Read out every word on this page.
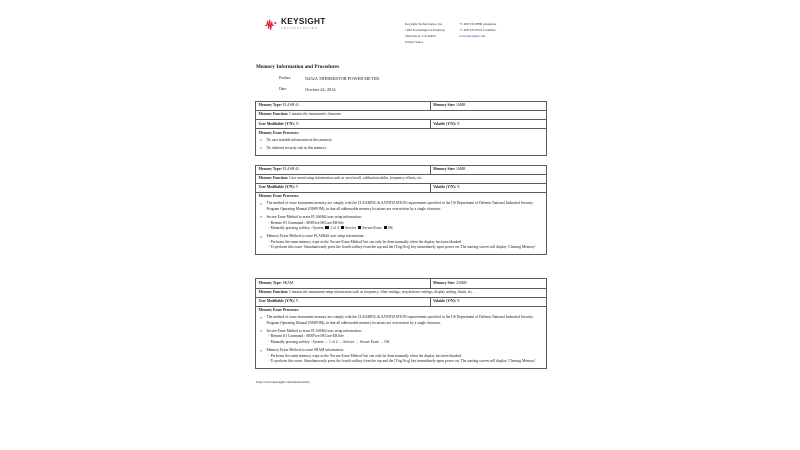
KEYSIGHT
TECHNOLOGIES
Keysight Technologies, Inc.
1400 Fountaingrove Parkway
Santa Rosa, CA 95403
United States
+1 408 345 8886 telephone
+1 408 345 8474 facsimile
www.keysight.com
Memory Information and Procedures
Product:	N432A THERMISTOR POWER METER
Date:	October 24, 2014
Memory Type: FLASH #1	Memory Size: 16MB
Memory Function: Contains the instrument's firmware	
User Modifiable (Y/N): N	Volatile (Y/N): N
Memory Erase Processes:
▪ No user settable information in this memory
▪ No inherent security risk in this memory
Memory Type: FLASH #2	Memory Size: 16MB
Memory Function: User saved setup information such as save/recall, calibration tables, frequency offsets, etc.	
User Modifiable (Y/N): Y	Volatile (Y/N): N
Memory Erase Processes:
▪ The method of erase instrument memory are comply with the CLEARING & SANITIZATION requirements specified in the US Department of Defense National Industrial Security Program Operating Manual (NISPOM), in that all addressable memory locations are overwritten by a single character.
▪ Secure Erase Method to erase FLASH#2 user setup information:
- Remote IO Command : SERVice:SECure:ERASe
- Manually pressing softkey : System  1 of 2 Service Secure Erase OK
▪ Memory Erase Method to erase FLASH#2 user setup information:
- Performs the same memory wipe as the 'Secure Erase Method' but can only be done manually when the display has been blanked.
- To perform this erase: Simultaneously press the fourth softkey from the top and the [Trig/Acq] key immediately upon power on. The starting screen will display 'Clearing Memory'.
Memory Type: SRAM	Memory Size: 256KB
Memory Function: Contains the instrument setup information such as frequency, filter settings, step detector settings, display setting, limits, etc .	
User Modifiable (Y/N): Y	Volatile (Y/N): N
Memory Erase Processes:
▪ The method of erase instrument memory are comply with the CLEARING & SANITIZATION requirements specified in the US Department of Defense National Industrial Security Program Operating Manual (NISPOM), in that all addressable memory locations are overwritten by a single character.
▪ Secure Erase Method to erase FLASH#2 user setup information:
- Remote IO Command : SERVice:SECure:ERASe
- Manually pressing softkey : System → 1 of 2 → Service → Secure Erase → OK
▪ Memory Erase Method to erase SRAM information:
- Performs the same memory wipe as the 'Secure Erase Method' but can only be done manually when the display has been blanked.
- To perform this erase: Simultaneously press the fourth softkey from the top and the [Trig/Acq] key immediately upon power on. The starting screen will display 'Clearing Memory'.
http://www.keysight.com/find/security
